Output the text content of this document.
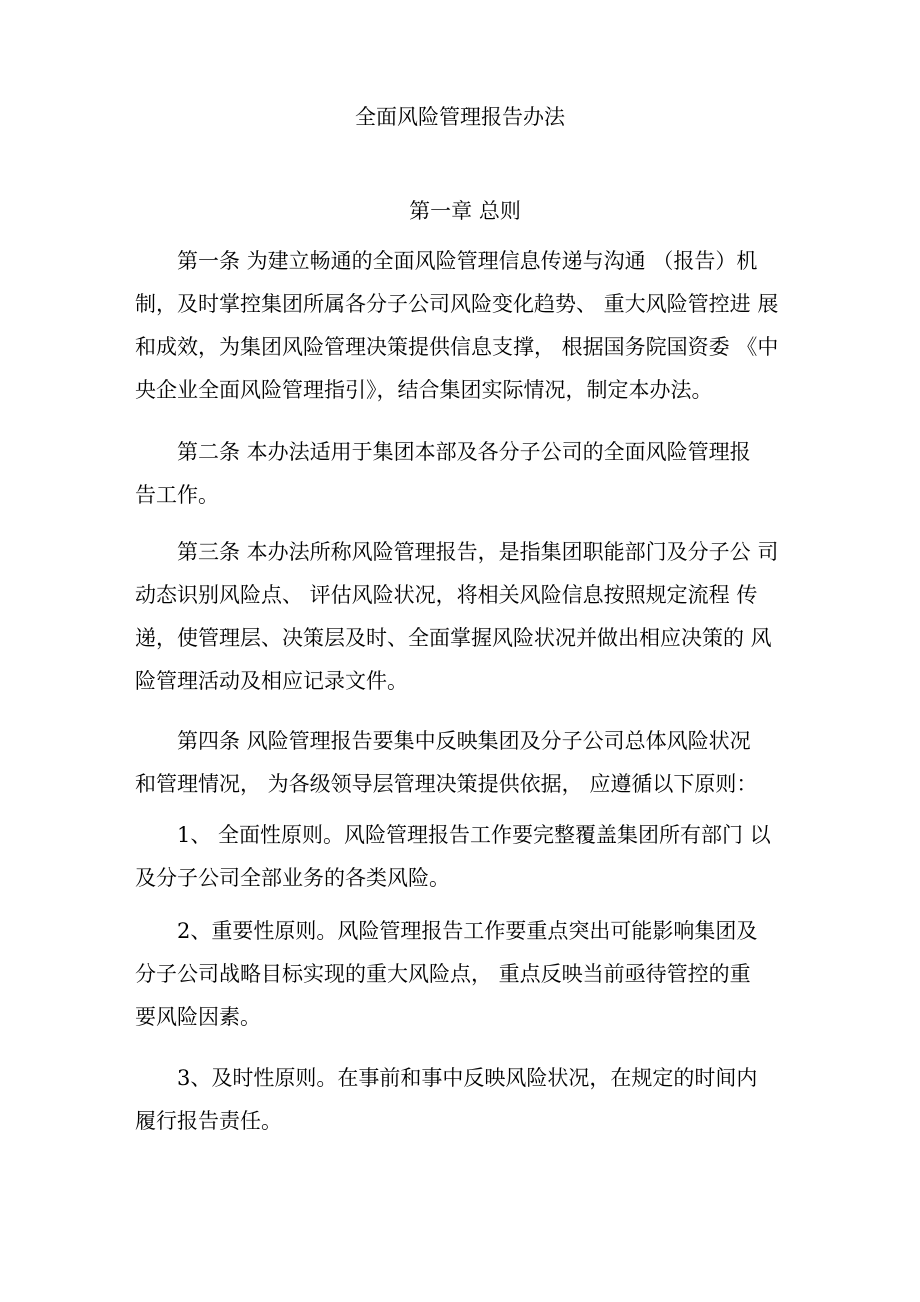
全面风险管理报告办法
第一章 总则
第一条 为建立畅通的全面风险管理信息传递与沟通 （报告）机
制，及时掌控集团所属各分子公司风险变化趋势、 重大风险管控进 展
和成效，为集团风险管理决策提供信息支撑， 根据国务院国资委 《中
央企业全面风险管理指引》，结合集团实际情况，制定本办法。
第二条 本办法适用于集团本部及各分子公司的全面风险管理报
告工作。
第三条 本办法所称风险管理报告，是指集团职能部门及分子公 司
动态识别风险点、 评估风险状况，将相关风险信息按照规定流程 传
递，使管理层、决策层及时、全面掌握风险状况并做出相应决策的 风
险管理活动及相应记录文件。
第四条 风险管理报告要集中反映集团及分子公司总体风险状况
和管理情况， 为各级领导层管理决策提供依据， 应遵循以下原则：
1、 全面性原则。风险管理报告工作要完整覆盖集团所有部门 以
及分子公司全部业务的各类风险。
2、重要性原则。风险管理报告工作要重点突出可能影响集团及
分子公司战略目标实现的重大风险点， 重点反映当前亟待管控的重
要风险因素。
3、及时性原则。在事前和事中反映风险状况，在规定的时间内
履行报告责任。
